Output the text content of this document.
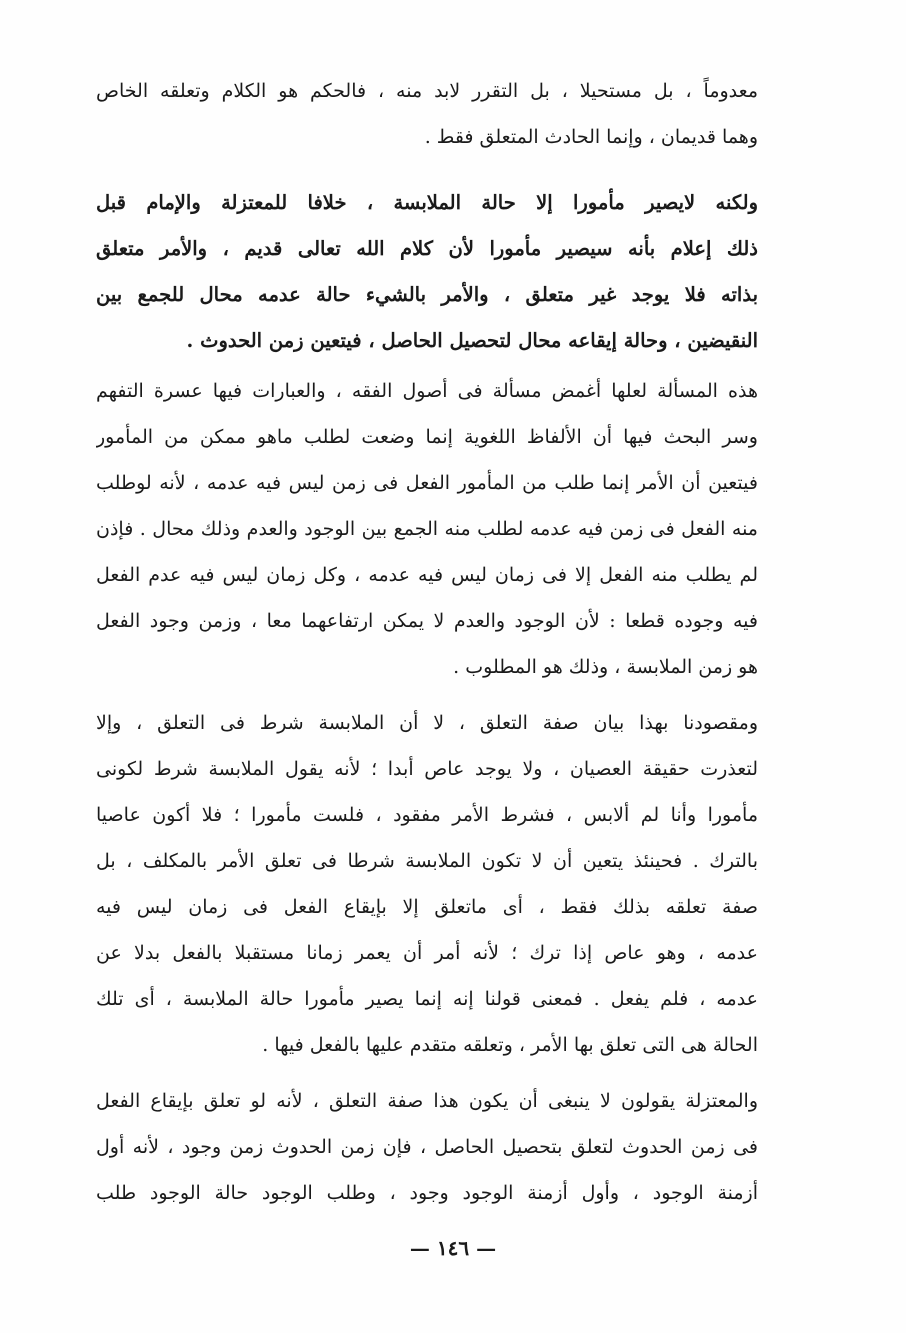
معدوماً ، بل مستحيلا ، بل التقرر لابد منه ، فالحكم هو الكلام وتعلقه الخاص
وهما قديمان ، وإنما الحادث المتعلق فقط .
ولكنه لايصير مأمورا إلا حالة الملابسة ، خلافا للمعتزلة والإمام قبل
ذلك إعلام بأنه سيصير مأمورا لأن كلام الله تعالى قديم ، والأمر متعلق
بذاته فلا يوجد غير متعلق ، والأمر بالشيء حالة عدمه محال للجمع بين
النقيضين ، وحالة إيقاعه محال لتحصيل الحاصل ، فيتعين زمن الحدوث .
هذه المسألة لعلها أغمض مسألة فى أصول الفقه ، والعبارات فيها عسرة التفهم
وسر البحث فيها أن الألفاظ اللغوية إنما وضعت لطلب ماهو ممكن من المأمور
فيتعين أن الأمر إنما طلب من المأمور الفعل فى زمن ليس فيه عدمه ، لأنه لوطلب
منه الفعل فى زمن فيه عدمه لطلب منه الجمع بين الوجود والعدم وذلك محال . فإذن
لم يطلب منه الفعل إلا فى زمان ليس فيه عدمه ، وكل زمان ليس فيه عدم الفعل
فيه وجوده قطعا : لأن الوجود والعدم لا يمكن ارتفاعهما معا ، وزمن وجود الفعل
هو زمن الملابسة ، وذلك هو المطلوب .
ومقصودنا بهذا بيان صفة التعلق ، لا أن الملابسة شرط فى التعلق ، وإلا
لتعذرت حقيقة العصيان ، ولا يوجد عاص أبدا ؛ لأنه يقول الملابسة شرط لكونى
مأمورا وأنا لم ألابس ، فشرط الأمر مفقود ، فلست مأمورا ؛ فلا أكون عاصيا
بالترك . فحينئذ يتعين أن لا تكون الملابسة شرطا فى تعلق الأمر بالمكلف ، بل
صفة تعلقه بذلك فقط ، أى ماتعلق إلا بإيقاع الفعل فى زمان ليس فيه
عدمه ، وهو عاص إذا ترك ؛ لأنه أمر أن يعمر زمانا مستقبلا بالفعل بدلا عن
عدمه ، فلم يفعل . فمعنى قولنا إنه إنما يصير مأمورا حالة الملابسة ، أى تلك
الحالة هى التى تعلق بها الأمر ، وتعلقه متقدم عليها بالفعل فيها .
والمعتزلة يقولون لا ينبغى أن يكون هذا صفة التعلق ، لأنه لو تعلق بإيقاع الفعل
فى زمن الحدوث لتعلق بتحصيل الحاصل ، فإن زمن الحدوث زمن وجود ، لأنه أول
أزمنة الوجود ، وأول أزمنة الوجود وجود ، وطلب الوجود حالة الوجود طلب
— ١٤٦ —
